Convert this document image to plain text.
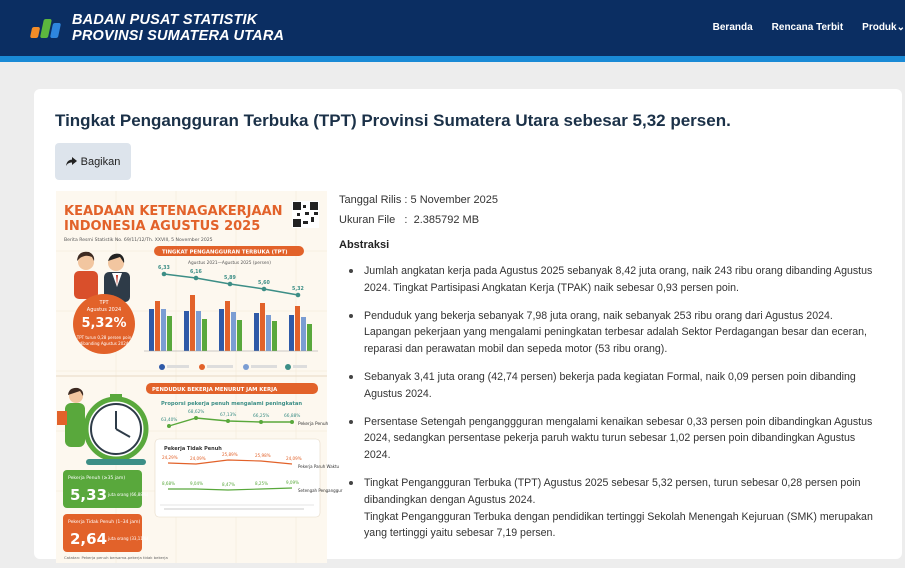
BADAN PUSAT STATISTIK
PROVINSI SUMATERA UTARA
Beranda Rencana Terbit Produk⌄
Tingkat Pengangguran Terbuka (TPT) Provinsi Sumatera Utara sebesar 5,32 persen.
Bagikan
KEADAAN KETENAGAKERJAAN
INDONESIA AGUSTUS 2025
Berita Resmi Statistik No. 69/11/12/Th. XXVIII, 5 November 2025
TINGKAT PENGANGGURAN TERBUKA (TPT)
Agustus 2021—Agustus 2025 (persen)
TPT
Agustus 2024
5,32%
TPT turun 0,28 persen poin
dibanding Agustus 2024
6,33
6,16
5,89
5,60
5,32
PENDUDUK BEKERJA MENURUT JAM KERJA
Proporsi pekerja penuh mengalami peningkatan
63,40%
68,62%
67,13%	66,25%	66,88%
Pekerja Penuh
Pekerja Tidak Penuh
24,29%	24,09%
25,89%	25,98%
24,09%
8,68%	9,04%	8,47%	8,25%	9,09%
Pekerja Paruh Waktu
Setengah Penganggur
Pekerja Penuh (≥35 jam)
5,33 juta orang (66,88%)
Pekerja Tidak Penuh (1–34 jam)
2,64 juta orang (33,11%)
Catatan: Pekerja penuh bersama-pekerja tidak bekerja
Tanggal Rilis : 5 November 2025
Ukuran File : 2.385792 MB
Abstraksi
Jumlah angkatan kerja pada Agustus 2025 sebanyak 8,42 juta orang, naik 243 ribu orang dibanding Agustus 2024. Tingkat Partisipasi Angkatan Kerja (TPAK) naik sebesar 0,93 persen poin.
Penduduk yang bekerja sebanyak 7,98 juta orang, naik sebanyak 253 ribu orang dari Agustus 2024. Lapangan pekerjaan yang mengalami peningkatan terbesar adalah Sektor Perdagangan besar dan eceran, reparasi dan perawatan mobil dan sepeda motor (53 ribu orang).
Sebanyak 3,41 juta orang (42,74 persen) bekerja pada kegiatan Formal, naik 0,09 persen poin dibanding Agustus 2024.
Persentase Setengah penganggguran mengalami kenaikan sebesar 0,33 persen poin dibandingkan Agustus 2024, sedangkan persentase pekerja paruh waktu turun sebesar 1,02 persen poin dibandingkan Agustus 2024.
Tingkat Pengangguran Terbuka (TPT) Agustus 2025 sebesar 5,32 persen, turun sebesar 0,28 persen poin dibandingkan dengan Agustus 2024.
Tingkat Pengangguran Terbuka dengan pendidikan tertinggi Sekolah Menengah Kejuruan (SMK) merupakan yang tertinggi yaitu sebesar 7,19 persen.
